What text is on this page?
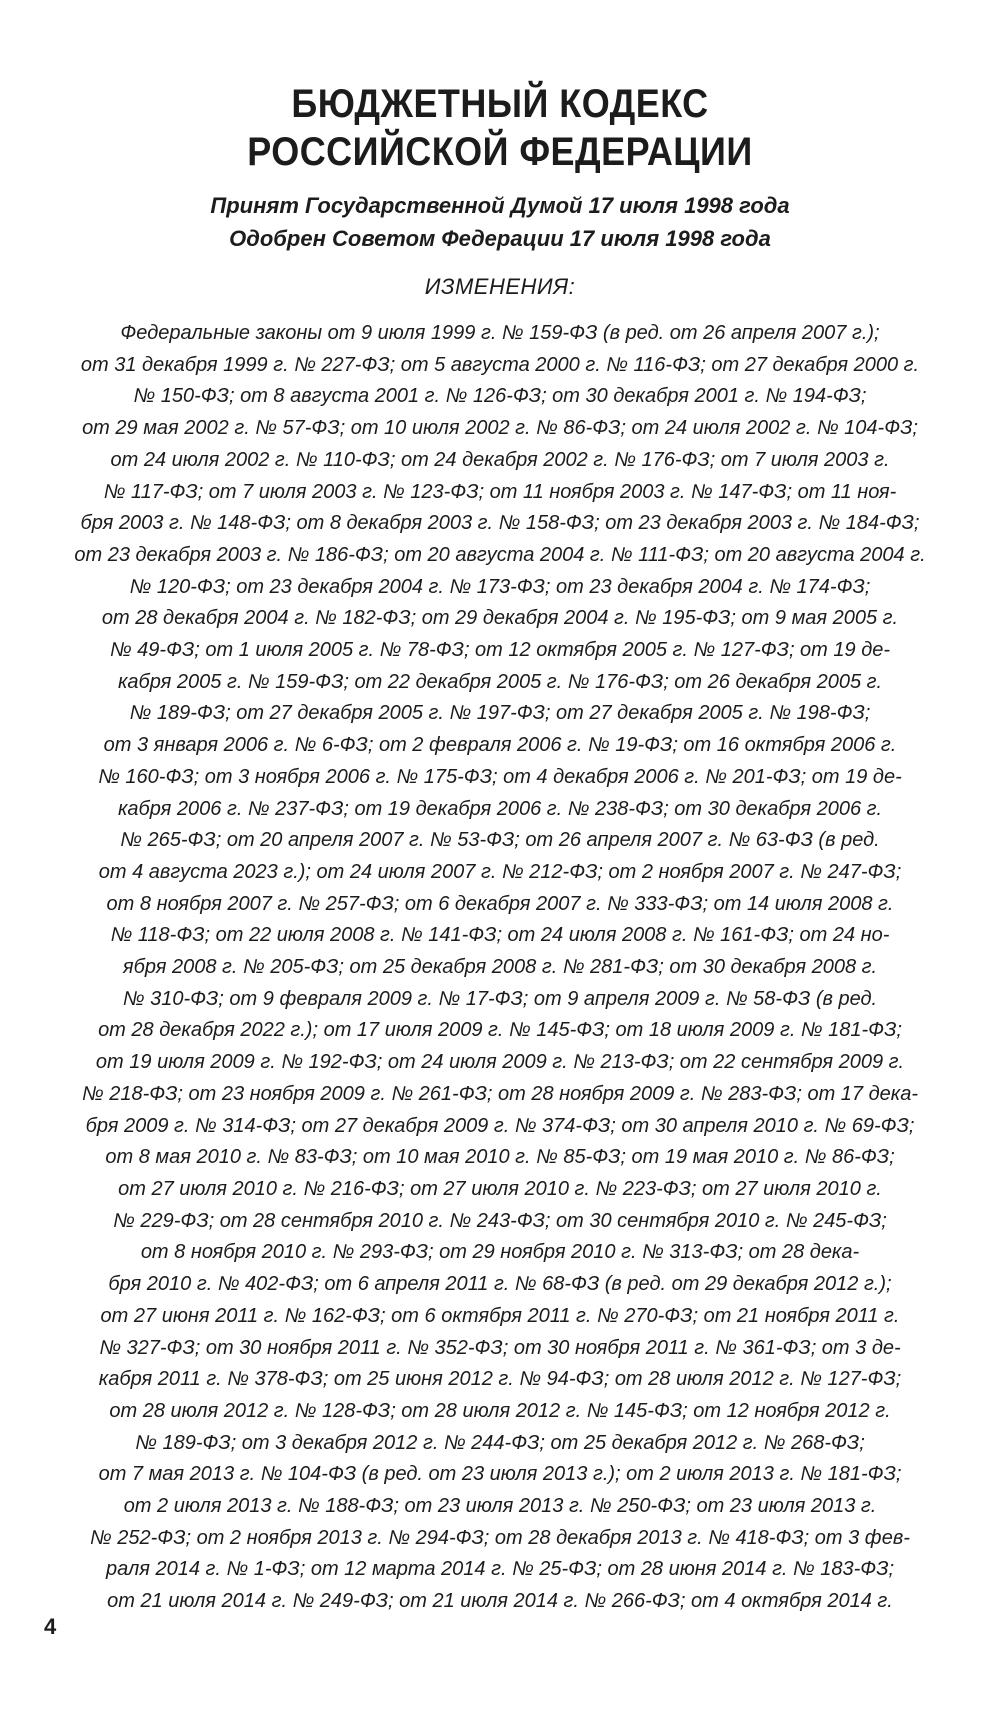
БЮДЖЕТНЫЙ КОДЕКС
РОССИЙСКОЙ ФЕДЕРАЦИИ
Принят Государственной Думой 17 июля 1998 года
Одобрен Советом Федерации 17 июля 1998 года
ИЗМЕНЕНИЯ:
Федеральные законы от 9 июля 1999 г. № 159-ФЗ (в ред. от 26 апреля 2007 г.);
от 31 декабря 1999 г. № 227-ФЗ; от 5 августа 2000 г. № 116-ФЗ; от 27 декабря 2000 г.
№ 150-ФЗ; от 8 августа 2001 г. № 126-ФЗ; от 30 декабря 2001 г. № 194-ФЗ;
от 29 мая 2002 г. № 57-ФЗ; от 10 июля 2002 г. № 86-ФЗ; от 24 июля 2002 г. № 104-ФЗ;
от 24 июля 2002 г. № 110-ФЗ; от 24 декабря 2002 г. № 176-ФЗ; от 7 июля 2003 г.
№ 117-ФЗ; от 7 июля 2003 г. № 123-ФЗ; от 11 ноября 2003 г. № 147-ФЗ; от 11 ноя-
бря 2003 г. № 148-ФЗ; от 8 декабря 2003 г. № 158-ФЗ; от 23 декабря 2003 г. № 184-ФЗ;
от 23 декабря 2003 г. № 186-ФЗ; от 20 августа 2004 г. № 111-ФЗ; от 20 августа 2004 г.
№ 120-ФЗ; от 23 декабря 2004 г. № 173-ФЗ; от 23 декабря 2004 г. № 174-ФЗ;
от 28 декабря 2004 г. № 182-ФЗ; от 29 декабря 2004 г. № 195-ФЗ; от 9 мая 2005 г.
№ 49-ФЗ; от 1 июля 2005 г. № 78-ФЗ; от 12 октября 2005 г. № 127-ФЗ; от 19 де-
кабря 2005 г. № 159-ФЗ; от 22 декабря 2005 г. № 176-ФЗ; от 26 декабря 2005 г.
№ 189-ФЗ; от 27 декабря 2005 г. № 197-ФЗ; от 27 декабря 2005 г. № 198-ФЗ;
от 3 января 2006 г. № 6-ФЗ; от 2 февраля 2006 г. № 19-ФЗ; от 16 октября 2006 г.
№ 160-ФЗ; от 3 ноября 2006 г. № 175-ФЗ; от 4 декабря 2006 г. № 201-ФЗ; от 19 де-
кабря 2006 г. № 237-ФЗ; от 19 декабря 2006 г. № 238-ФЗ; от 30 декабря 2006 г.
№ 265-ФЗ; от 20 апреля 2007 г. № 53-ФЗ; от 26 апреля 2007 г. № 63-ФЗ (в ред.
от 4 августа 2023 г.); от 24 июля 2007 г. № 212-ФЗ; от 2 ноября 2007 г. № 247-ФЗ;
от 8 ноября 2007 г. № 257-ФЗ; от 6 декабря 2007 г. № 333-ФЗ; от 14 июля 2008 г.
№ 118-ФЗ; от 22 июля 2008 г. № 141-ФЗ; от 24 июля 2008 г. № 161-ФЗ; от 24 но-
ября 2008 г. № 205-ФЗ; от 25 декабря 2008 г. № 281-ФЗ; от 30 декабря 2008 г.
№ 310-ФЗ; от 9 февраля 2009 г. № 17-ФЗ; от 9 апреля 2009 г. № 58-ФЗ (в ред.
от 28 декабря 2022 г.); от 17 июля 2009 г. № 145-ФЗ; от 18 июля 2009 г. № 181-ФЗ;
от 19 июля 2009 г. № 192-ФЗ; от 24 июля 2009 г. № 213-ФЗ; от 22 сентября 2009 г.
№ 218-ФЗ; от 23 ноября 2009 г. № 261-ФЗ; от 28 ноября 2009 г. № 283-ФЗ; от 17 дека-
бря 2009 г. № 314-ФЗ; от 27 декабря 2009 г. № 374-ФЗ; от 30 апреля 2010 г. № 69-ФЗ;
от 8 мая 2010 г. № 83-ФЗ; от 10 мая 2010 г. № 85-ФЗ; от 19 мая 2010 г. № 86-ФЗ;
от 27 июля 2010 г. № 216-ФЗ; от 27 июля 2010 г. № 223-ФЗ; от 27 июля 2010 г.
№ 229-ФЗ; от 28 сентября 2010 г. № 243-ФЗ; от 30 сентября 2010 г. № 245-ФЗ;
от 8 ноября 2010 г. № 293-ФЗ; от 29 ноября 2010 г. № 313-ФЗ; от 28 дека-
бря 2010 г. № 402-ФЗ; от 6 апреля 2011 г. № 68-ФЗ (в ред. от 29 декабря 2012 г.);
от 27 июня 2011 г. № 162-ФЗ; от 6 октября 2011 г. № 270-ФЗ; от 21 ноября 2011 г.
№ 327-ФЗ; от 30 ноября 2011 г. № 352-ФЗ; от 30 ноября 2011 г. № 361-ФЗ; от 3 де-
кабря 2011 г. № 378-ФЗ; от 25 июня 2012 г. № 94-ФЗ; от 28 июля 2012 г. № 127-ФЗ;
от 28 июля 2012 г. № 128-ФЗ; от 28 июля 2012 г. № 145-ФЗ; от 12 ноября 2012 г.
№ 189-ФЗ; от 3 декабря 2012 г. № 244-ФЗ; от 25 декабря 2012 г. № 268-ФЗ;
от 7 мая 2013 г. № 104-ФЗ (в ред. от 23 июля 2013 г.); от 2 июля 2013 г. № 181-ФЗ;
от 2 июля 2013 г. № 188-ФЗ; от 23 июля 2013 г. № 250-ФЗ; от 23 июля 2013 г.
№ 252-ФЗ; от 2 ноября 2013 г. № 294-ФЗ; от 28 декабря 2013 г. № 418-ФЗ; от 3 фев-
раля 2014 г. № 1-ФЗ; от 12 марта 2014 г. № 25-ФЗ; от 28 июня 2014 г. № 183-ФЗ;
от 21 июля 2014 г. № 249-ФЗ; от 21 июля 2014 г. № 266-ФЗ; от 4 октября 2014 г.
4
